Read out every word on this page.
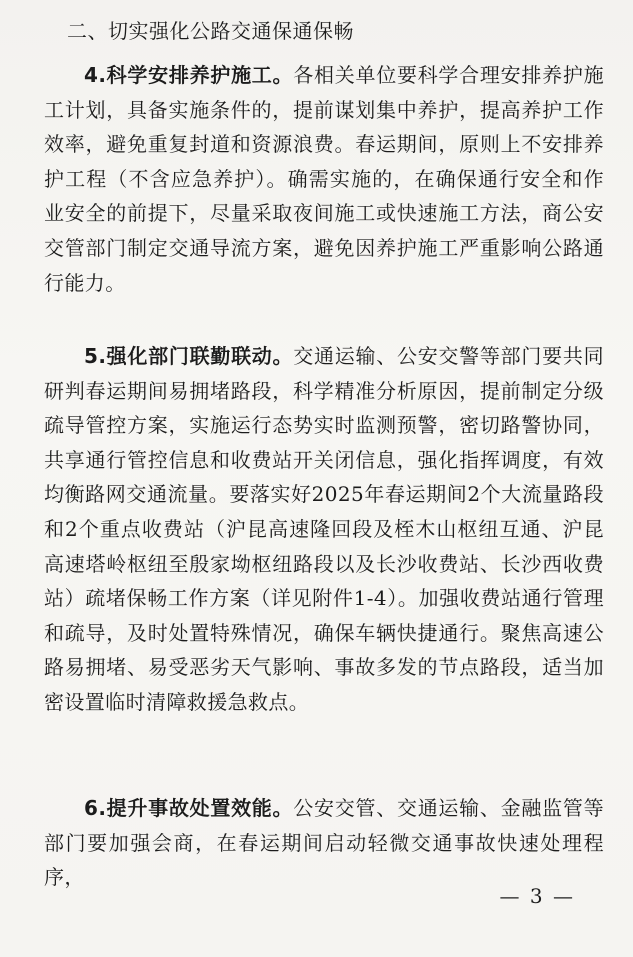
二、切实强化公路交通保通保畅

4.科学安排养护施工。各相关单位要科学合理安排养护施工计划，具备实施条件的，提前谋划集中养护，提高养护工作效率，避免重复封道和资源浪费。春运期间，原则上不安排养护工程（不含应急养护）。确需实施的，在确保通行安全和作业安全的前提下，尽量采取夜间施工或快速施工方法，商公安交管部门制定交通导流方案，避免因养护施工严重影响公路通行能力。

5.强化部门联勤联动。交通运输、公安交警等部门要共同研判春运期间易拥堵路段，科学精准分析原因，提前制定分级疏导管控方案，实施运行态势实时监测预警，密切路警协同，共享通行管控信息和收费站开关闭信息，强化指挥调度，有效均衡路网交通流量。要落实好2025年春运期间2个大流量路段和2个重点收费站（沪昆高速隆回段及桎木山枢纽互通、沪昆高速塔岭枢纽至殷家坳枢纽路段以及长沙收费站、长沙西收费站）疏堵保畅工作方案（详见附件1-4）。加强收费站通行管理和疏导，及时处置特殊情况，确保车辆快捷通行。聚焦高速公路易拥堵、易受恶劣天气影响、事故多发的节点路段，适当加密设置临时清障救援急救点。

6.提升事故处置效能。公安交管、交通运输、金融监管等部门要加强会商，在春运期间启动轻微交通事故快速处理程序，

— 3 —
